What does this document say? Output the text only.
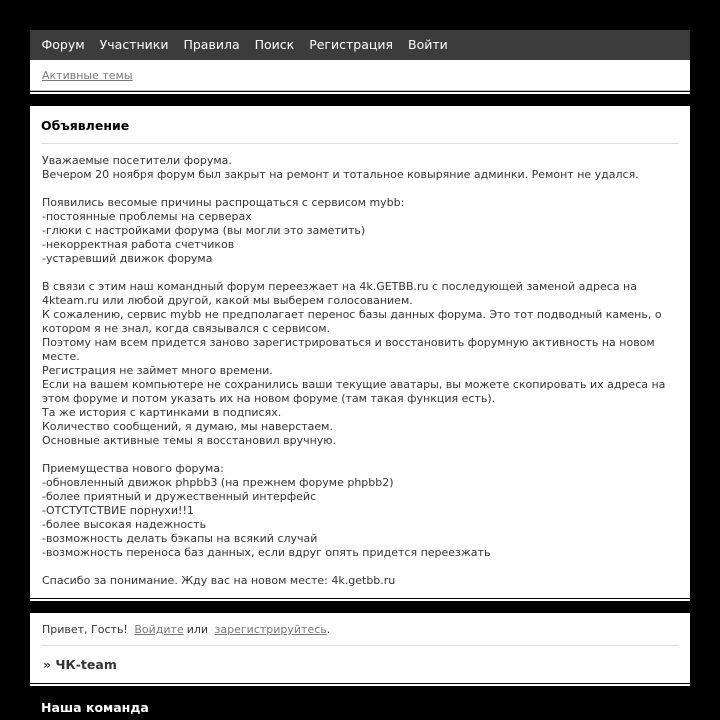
Форум	Участники	Правила	Поиск	Регистрация	Войти
Активные темы
Объявление

Уважаемые посетители форума.

Вечером 20 ноября форум был закрыт на ремонт и тотальное ковыряние админки. Ремонт не удался.

Появились весомые причины распрощаться с сервисом mybb:

-постоянные проблемы на серверах

-глюки с настройками форума (вы могли это заметить)

-некорректная работа счетчиков

-устаревший движок форума

В связи с этим наш командный форум переезжает на 4k.GETBB.ru с последующей заменой адреса на 4kteam.ru или любой другой, какой мы выберем голосованием.

К сожалению, сервис mybb не предполагает перенос базы данных форума. Это тот подводный камень, о котором я не знал, когда связывался с сервисом.

Поэтому нам всем придется заново зарегистрироваться и восстановить форумную активность на новом месте.

Регистрация не займет много времени.

Если на вашем компьютере не сохранились ваши текущие аватары, вы можете скопировать их адреса на этом форуме и потом указать их на новом форуме (там такая функция есть).

Та же история с картинками в подписях.

Количество сообщений, я думаю, мы наверстаем.

Основные активные темы я восстановил вручную.

Приемущества нового форума:

-обновленный движок phpbb3 (на прежнем форуме phpbb2)

-более приятный и дружественный интерфейс

-ОТСТУТСТВИЕ порнухи!!1

-более высокая надежность

-возможность делать бэкапы на всякий случай

-возможность переноса баз данных, если вдруг опять придется переезжать

Спасибо за понимание. Жду вас на новом месте: 4k.getbb.ru

Привет, Гость! Войдите или зарегистрируйтесь.
» ЧК-team
Наша команда
